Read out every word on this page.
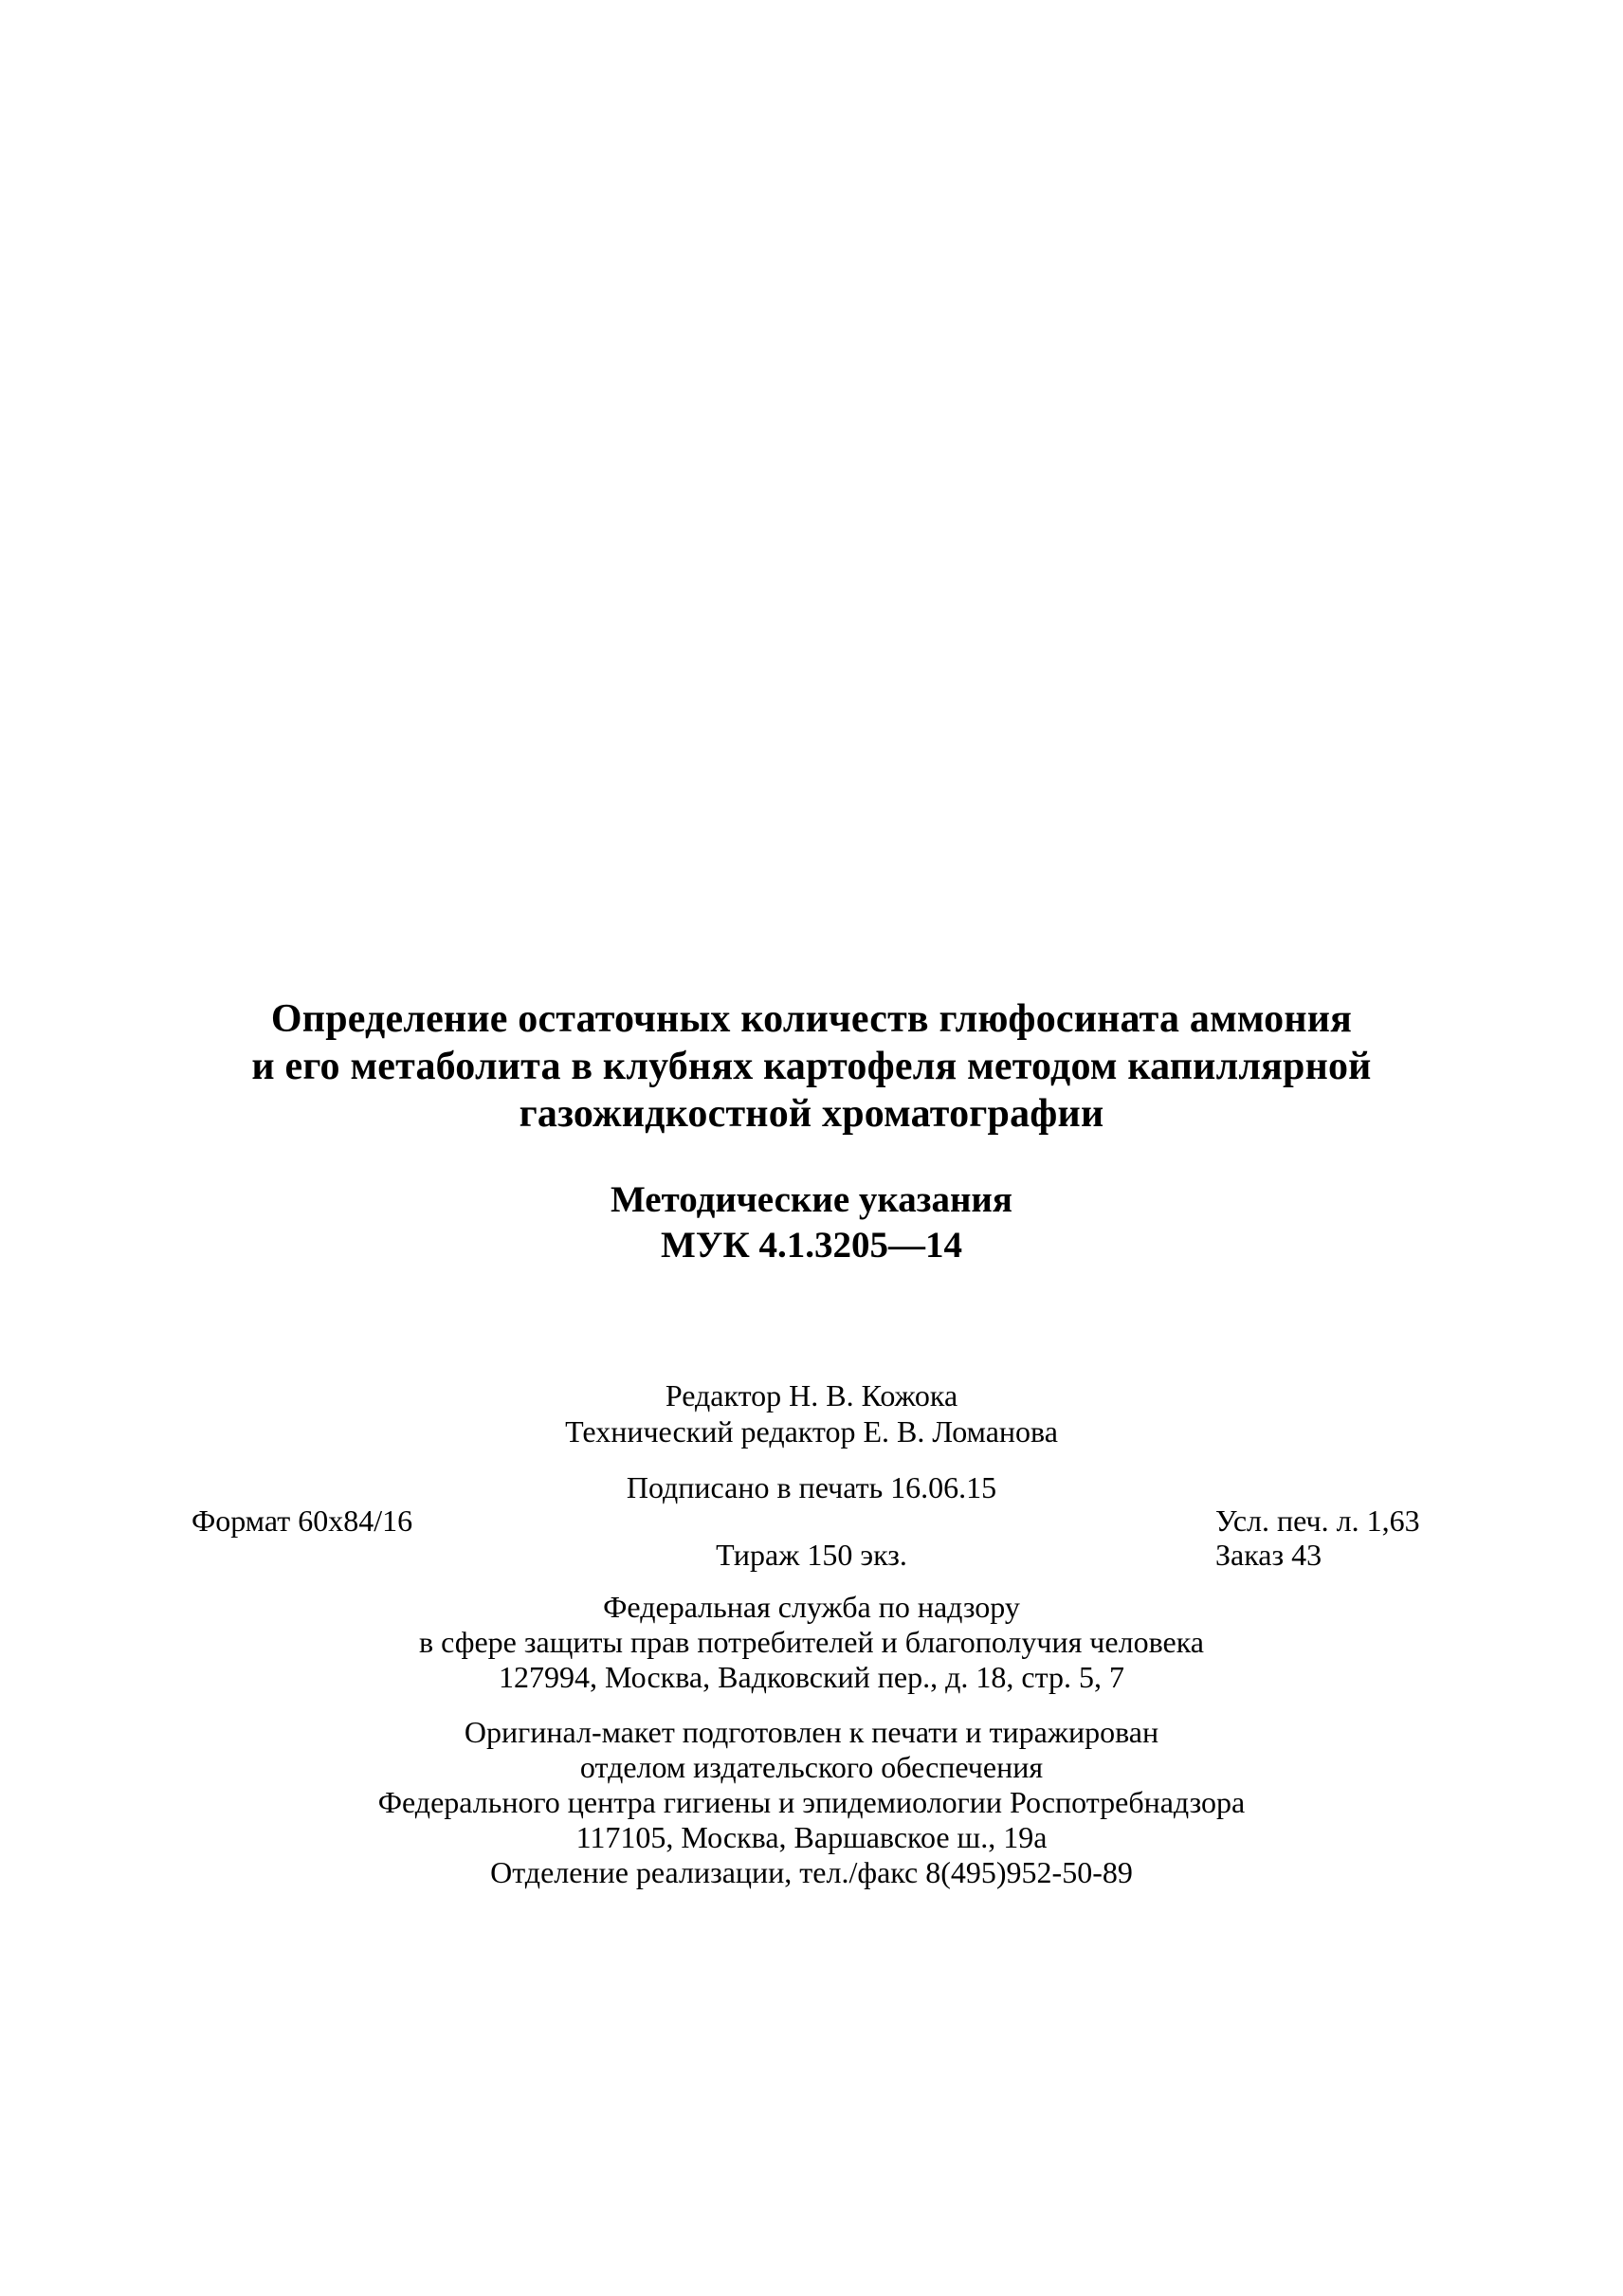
Определение остаточных количеств глюфосината аммония
и его метаболита в клубнях картофеля методом капиллярной
газожидкостной хроматографии
Методические указания
МУК 4.1.3205—14
Редактор Н. В. Кожока
Технический редактор Е. В. Ломанова
Подписано в печать 16.06.15
Формат 60x84/16	Усл. печ. л. 1,63
Тираж 150 экз.	Заказ 43
Федеральная служба по надзору
в сфере защиты прав потребителей и благополучия человека
127994, Москва, Вадковский пер., д. 18, стр. 5, 7
Оригинал-макет подготовлен к печати и тиражирован
отделом издательского обеспечения
Федерального центра гигиены и эпидемиологии Роспотребнадзора
117105, Москва, Варшавское ш., 19а
Отделение реализации, тел./факс 8(495)952-50-89
